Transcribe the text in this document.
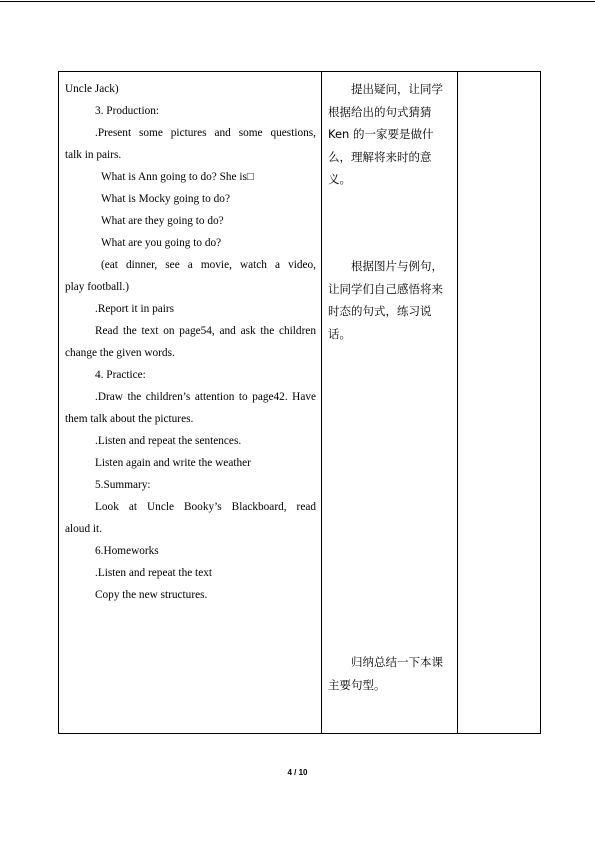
Uncle Jack)
3. Production:
.Present some pictures and some questions,
talk in pairs.
What is Ann going to do? She is□
What is Mocky going to do?
What are they going to do?
What are you going to do?
(eat dinner, see a movie, watch a video,
play football.)
.Report it in pairs
Read the text on page54, and ask the children
change the given words.
4. Practice:
.Draw the children’s attention to page42. Have
them talk about the pictures.
.Listen and repeat the sentences.
Listen again and write the weather
5.Summary:
Look at Uncle Booky’s Blackboard, read
aloud it.
6.Homeworks
.Listen and repeat the text
Copy the new structures.

提出疑问，让同学
根据给出的句式猜猜
Ken 的一家要是做什
么，理解将来时的意
义。
根据图片与例句，
让同学们自己感悟将来
时态的句式，练习说
话。
归纳总结一下本课
主要句型。

4 / 10
